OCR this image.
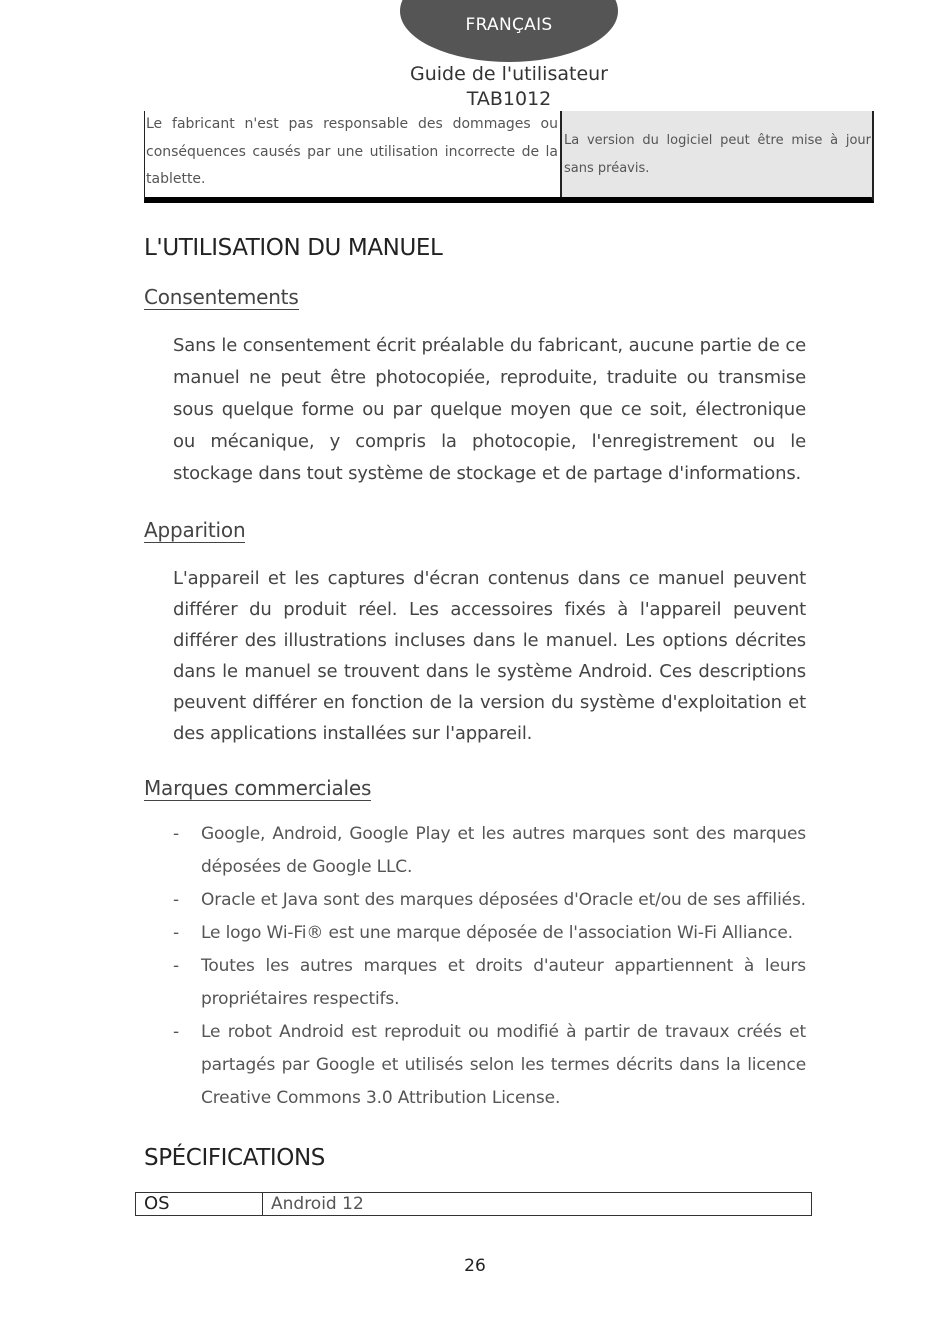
FRANÇAIS
Guide de l'utilisateur
TAB1012
Le fabricant n'est pas responsable des dommages ou conséquences causés par une utilisation incorrecte de la tablette.
La version du logiciel peut être mise à jour sans préavis.
L'UTILISATION DU MANUEL
Consentements
Sans le consentement écrit préalable du fabricant, aucune partie de ce manuel ne peut être photocopiée, reproduite, traduite ou transmise sous quelque forme ou par quelque moyen que ce soit, électronique ou mécanique, y compris la photocopie, l'enregistrement ou le stockage dans tout système de stockage et de partage d'informations.
Apparition
L'appareil et les captures d'écran contenus dans ce manuel peuvent différer du produit réel. Les accessoires fixés à l'appareil peuvent différer des illustrations incluses dans le manuel. Les options décrites dans le manuel se trouvent dans le système Android. Ces descriptions peuvent différer en fonction de la version du système d'exploitation et des applications installées sur l'appareil.
Marques commerciales
- Google, Android, Google Play et les autres marques sont des marques déposées de Google LLC.
- Oracle et Java sont des marques déposées d'Oracle et/ou de ses affiliés.
- Le logo Wi-Fi® est une marque déposée de l'association Wi-Fi Alliance.
- Toutes les autres marques et droits d'auteur appartiennent à leurs propriétaires respectifs.
- Le robot Android est reproduit ou modifié à partir de travaux créés et partagés par Google et utilisés selon les termes décrits dans la licence Creative Commons 3.0 Attribution License.
SPÉCIFICATIONS
OS	Android 12
26
